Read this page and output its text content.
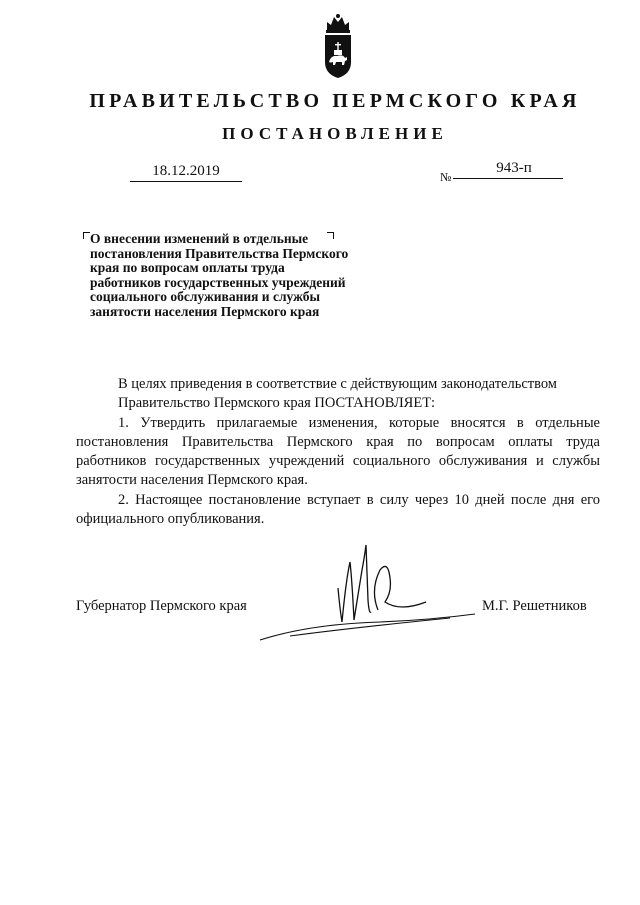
ПРАВИТЕЛЬСТВО ПЕРМСКОГО КРАЯ
ПОСТАНОВЛЕНИЕ
18.12.2019	№
943-п
О внесении изменений в отдельные
постановления Правительства Пермского
края по вопросам оплаты труда
работников государственных учреждений
социального обслуживания и службы
занятости населения Пермского края

В целях приведения в соответствие с действующим законодательством

Правительство Пермского края ПОСТАНОВЛЯЕТ:

1. Утвердить прилагаемые изменения, которые вносятся в отдельные постановления Правительства Пермского края по вопросам оплаты труда работников государственных учреждений социального обслуживания и службы занятости населения Пермского края.

2. Настоящее постановление вступает в силу через 10 дней после дня его официального опубликования.

Губернатор Пермского края	М.Г. Решетников
